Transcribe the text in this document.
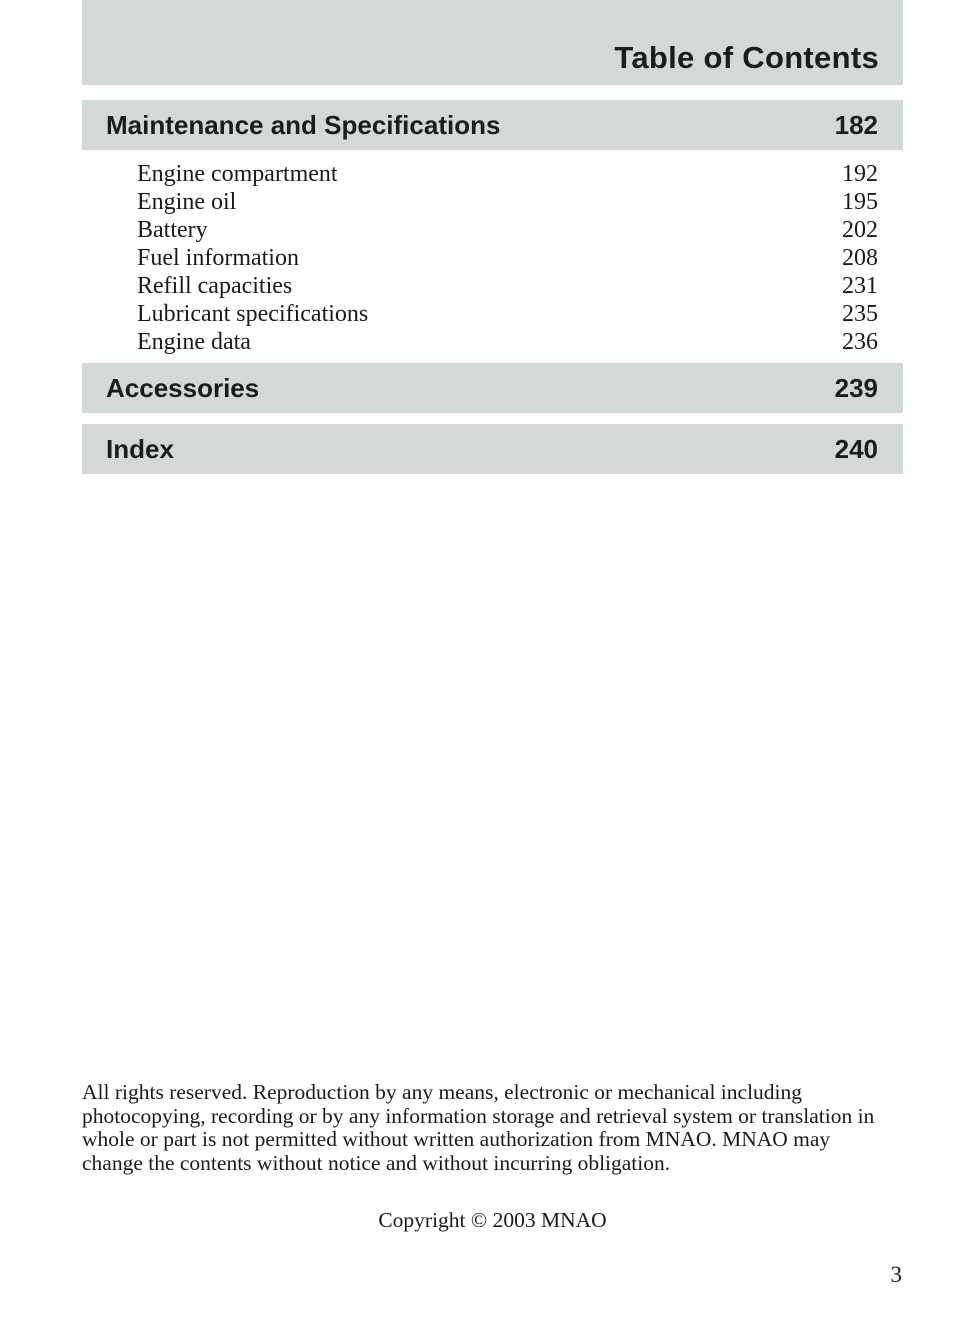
Table of Contents
Maintenance and Specifications	182
Engine compartment	192
Engine oil	195
Battery	202
Fuel information	208
Refill capacities	231
Lubricant specifications	235
Engine data	236
Accessories	239
Index	240

All rights reserved. Reproduction by any means, electronic or mechanical including photocopying, recording or by any information storage and retrieval system or translation in whole or part is not permitted without written authorization from MNAO. MNAO may change the contents without notice and without incurring obligation.

Copyright © 2003 MNAO
3
